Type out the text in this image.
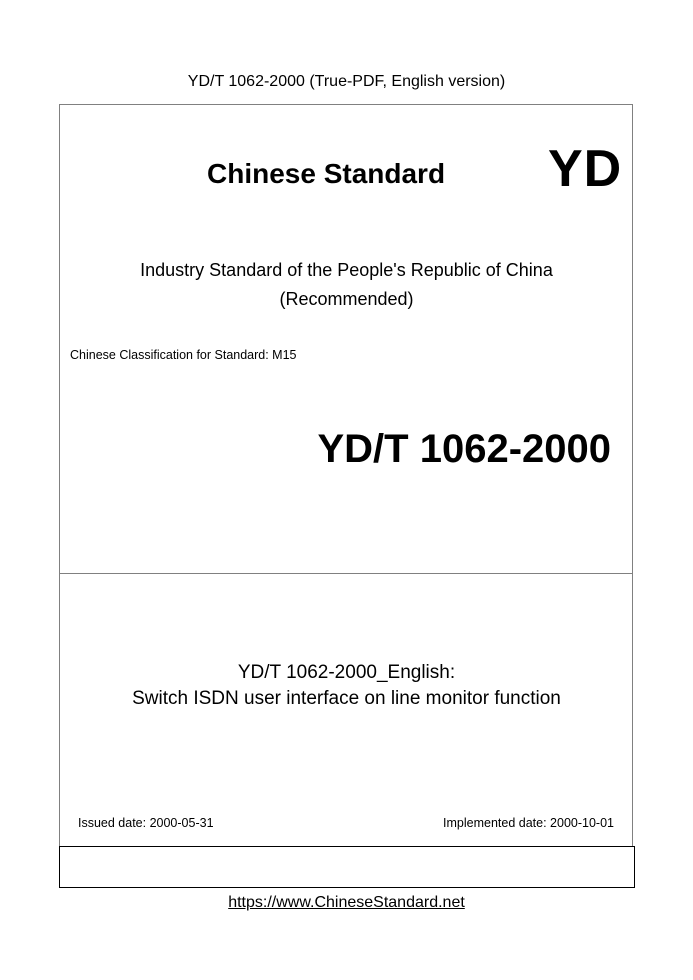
YD/T 1062-2000 (True-PDF, English version)
Chinese Standard YD
Industry Standard of the People's Republic of China
(Recommended)
Chinese Classification for Standard: M15
YD/T 1062-2000
YD/T 1062-2000_English:
Switch ISDN user interface on line monitor function
Issued date: 2000-05-31	Implemented date: 2000-10-01
https://www.ChineseStandard.net
